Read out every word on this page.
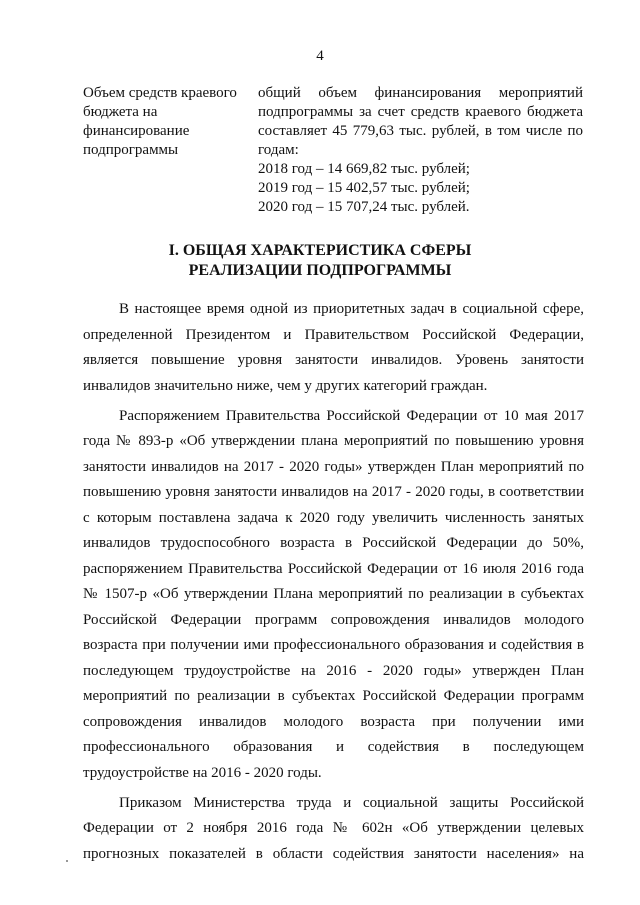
4
Объем средств краевого бюджета на финансирование подпрограммы
общий объем финансирования мероприятий подпрограммы за счет средств краевого бюджета составляет 45 779,63 тыс. рублей, в том числе по годам:
2018 год – 14 669,82 тыс. рублей;
2019 год – 15 402,57 тыс. рублей;
2020 год – 15 707,24 тыс. рублей.
I. ОБЩАЯ ХАРАКТЕРИСТИКА СФЕРЫ
РЕАЛИЗАЦИИ ПОДПРОГРАММЫ

В настоящее время одной из приоритетных задач в социальной сфере, определенной Президентом и Правительством Российской Федерации, является повышение уровня занятости инвалидов. Уровень занятости инвалидов значительно ниже, чем у других категорий граждан.

Распоряжением Правительства Российской Федерации от 10 мая 2017 года № 893-р «Об утверждении плана мероприятий по повышению уровня занятости инвалидов на 2017 - 2020 годы» утвержден План мероприятий по повышению уровня занятости инвалидов на 2017 - 2020 годы, в соответствии с которым поставлена задача к 2020 году увеличить численность занятых инвалидов трудоспособного возраста в Российской Федерации до 50%, распоряжением Правительства Российской Федерации от 16 июля 2016 года № 1507-р «Об утверждении Плана мероприятий по реализации в субъектах Российской Федерации программ сопровождения инвалидов молодого возраста при получении ими профессионального образования и содействия в последующем трудоустройстве на 2016 - 2020 годы» утвержден План мероприятий по реализации в субъектах Российской Федерации программ сопровождения инвалидов молодого возраста при получении ими профессионального образования и содействия в последующем трудоустройстве на 2016 - 2020 годы.

Приказом Министерства труда и социальной защиты Российской Федерации от 2 ноября 2016 года № 602н «Об утверждении целевых прогнозных показателей в области содействия занятости населения» на
